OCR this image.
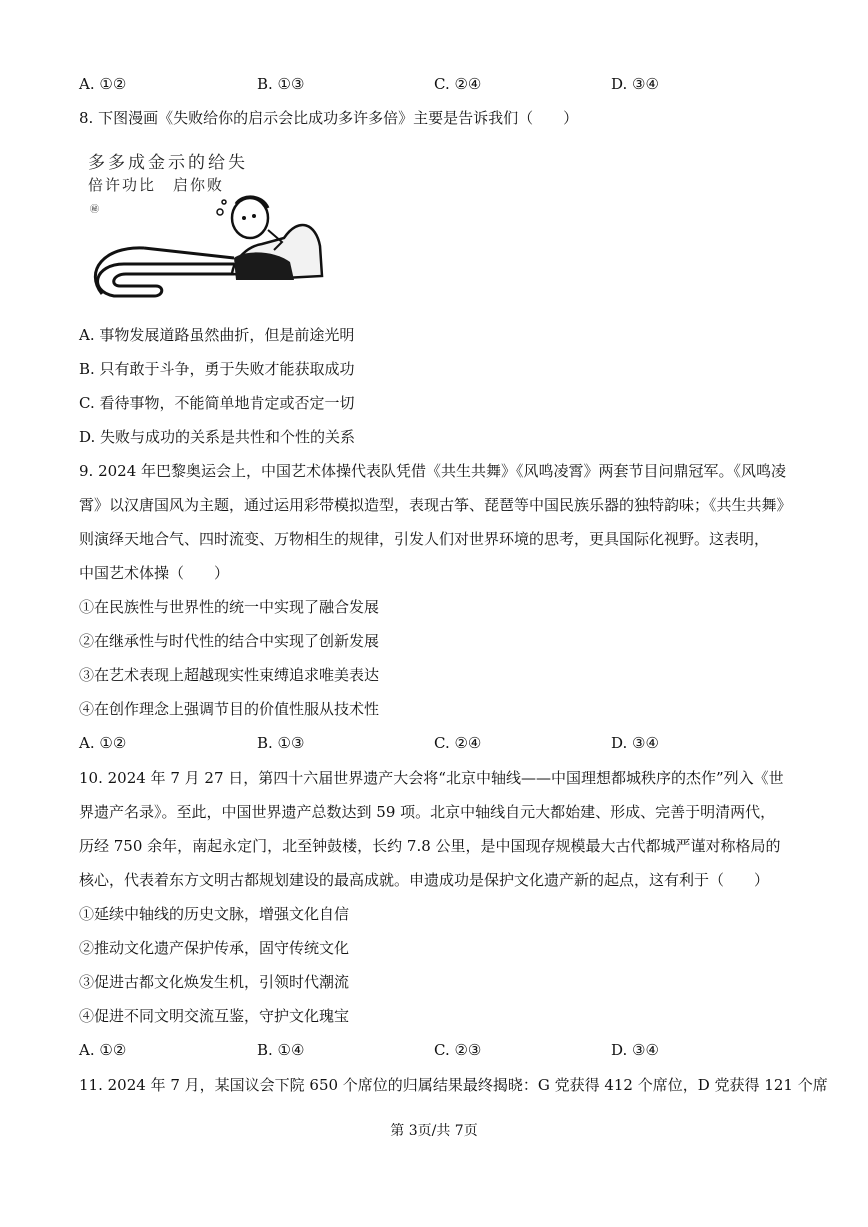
A. ①②	B. ①③	C. ②④	D. ③④
8. 下图漫画《失败给你的启示会比成功多许多倍》主要是告诉我们（　　）
多多成金示的给失
倍许功比　启你败
㊙
A. 事物发展道路虽然曲折，但是前途光明
B. 只有敢于斗争，勇于失败才能获取成功
C. 看待事物，不能简单地肯定或否定一切
D. 失败与成功的关系是共性和个性的关系
9. 2024 年巴黎奥运会上，中国艺术体操代表队凭借《共生共舞》《风鸣凌霄》两套节目问鼎冠军。《风鸣凌
霄》以汉唐国风为主题，通过运用彩带模拟造型，表现古筝、琵琶等中国民族乐器的独特韵味；《共生共舞》
则演绎天地合气、四时流变、万物相生的规律，引发人们对世界环境的思考，更具国际化视野。这表明，
中国艺术体操（　　）
①在民族性与世界性的统一中实现了融合发展
②在继承性与时代性的结合中实现了创新发展
③在艺术表现上超越现实性束缚追求唯美表达
④在创作理念上强调节目的价值性服从技术性
A. ①②	B. ①③	C. ②④	D. ③④
10. 2024 年 7 月 27 日，第四十六届世界遗产大会将“北京中轴线——中国理想都城秩序的杰作”列入《世
界遗产名录》。至此，中国世界遗产总数达到 59 项。北京中轴线自元大都始建、形成、完善于明清两代，
历经 750 余年，南起永定门，北至钟鼓楼，长约 7.8 公里，是中国现存规模最大古代都城严谨对称格局的
核心，代表着东方文明古都规划建设的最高成就。申遗成功是保护文化遗产新的起点，这有利于（　　）
①延续中轴线的历史文脉，增强文化自信
②推动文化遗产保护传承，固守传统文化
③促进古都文化焕发生机，引领时代潮流
④促进不同文明交流互鉴，守护文化瑰宝
A. ①②	B. ①④	C. ②③	D. ③④
11. 2024 年 7 月，某国议会下院 650 个席位的归属结果最终揭晓：G 党获得 412 个席位，D 党获得 121 个席
第 3页/共 7页
